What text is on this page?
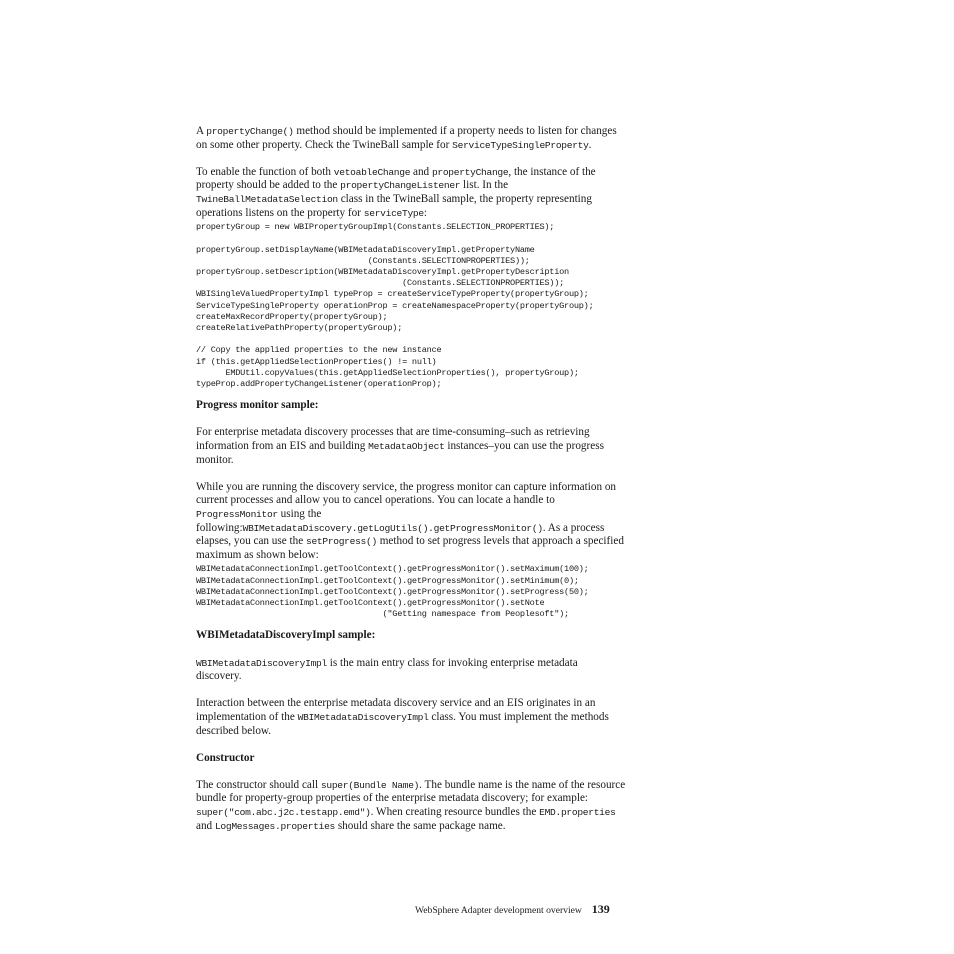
A propertyChange() method should be implemented if a property needs to listen for changes on some other property. Check the TwineBall sample for ServiceTypeSingleProperty.

To enable the function of both vetoableChange and propertyChange, the instance of the property should be added to the propertyChangeListener list. In the TwineBallMetadataSelection class in the TwineBall sample, the property representing operations listens on the property for serviceType:

propertyGroup = new WBIPropertyGroupImpl(Constants.SELECTION_PROPERTIES);

propertyGroup.setDisplayName(WBIMetadataDiscoveryImpl.getPropertyName
(Constants.SELECTIONPROPERTIES));
propertyGroup.setDescription(WBIMetadataDiscoveryImpl.getPropertyDescription
(Constants.SELECTIONPROPERTIES));
WBISingleValuedPropertyImpl typeProp = createServiceTypeProperty(propertyGroup);
ServiceTypeSingleProperty operationProp = createNamespaceProperty(propertyGroup);
createMaxRecordProperty(propertyGroup);
createRelativePathProperty(propertyGroup);

// Copy the applied properties to the new instance
if (this.getAppliedSelectionProperties() != null)
EMDUtil.copyValues(this.getAppliedSelectionProperties(), propertyGroup);
typeProp.addPropertyChangeListener(operationProp);
Progress monitor sample:

For enterprise metadata discovery processes that are time-consuming–such as retrieving information from an EIS and building MetadataObject instances–you can use the progress monitor.

While you are running the discovery service, the progress monitor can capture information on current processes and allow you to cancel operations. You can locate a handle to ProgressMonitor using the following:WBIMetadataDiscovery.getLogUtils().getProgressMonitor(). As a process elapses, you can use the setProgress() method to set progress levels that approach a specified maximum as shown below:

WBIMetadataConnectionImpl.getToolContext().getProgressMonitor().setMaximum(100);
WBIMetadataConnectionImpl.getToolContext().getProgressMonitor().setMinimum(0);
WBIMetadataConnectionImpl.getToolContext().getProgressMonitor().setProgress(50);
WBIMetadataConnectionImpl.getToolContext().getProgressMonitor().setNote
("Getting namespace from Peoplesoft");
WBIMetadataDiscoveryImpl sample:

WBIMetadataDiscoveryImpl is the main entry class for invoking enterprise metadata discovery.

Interaction between the enterprise metadata discovery service and an EIS originates in an implementation of the WBIMetadataDiscoveryImpl class. You must implement the methods described below.

Constructor

The constructor should call super(Bundle Name). The bundle name is the name of the resource bundle for property-group properties of the enterprise metadata discovery; for example: super("com.abc.j2c.testapp.emd"). When creating resource bundles the EMD.properties and LogMessages.properties should share the same package name.

WebSphere Adapter development overview 139
